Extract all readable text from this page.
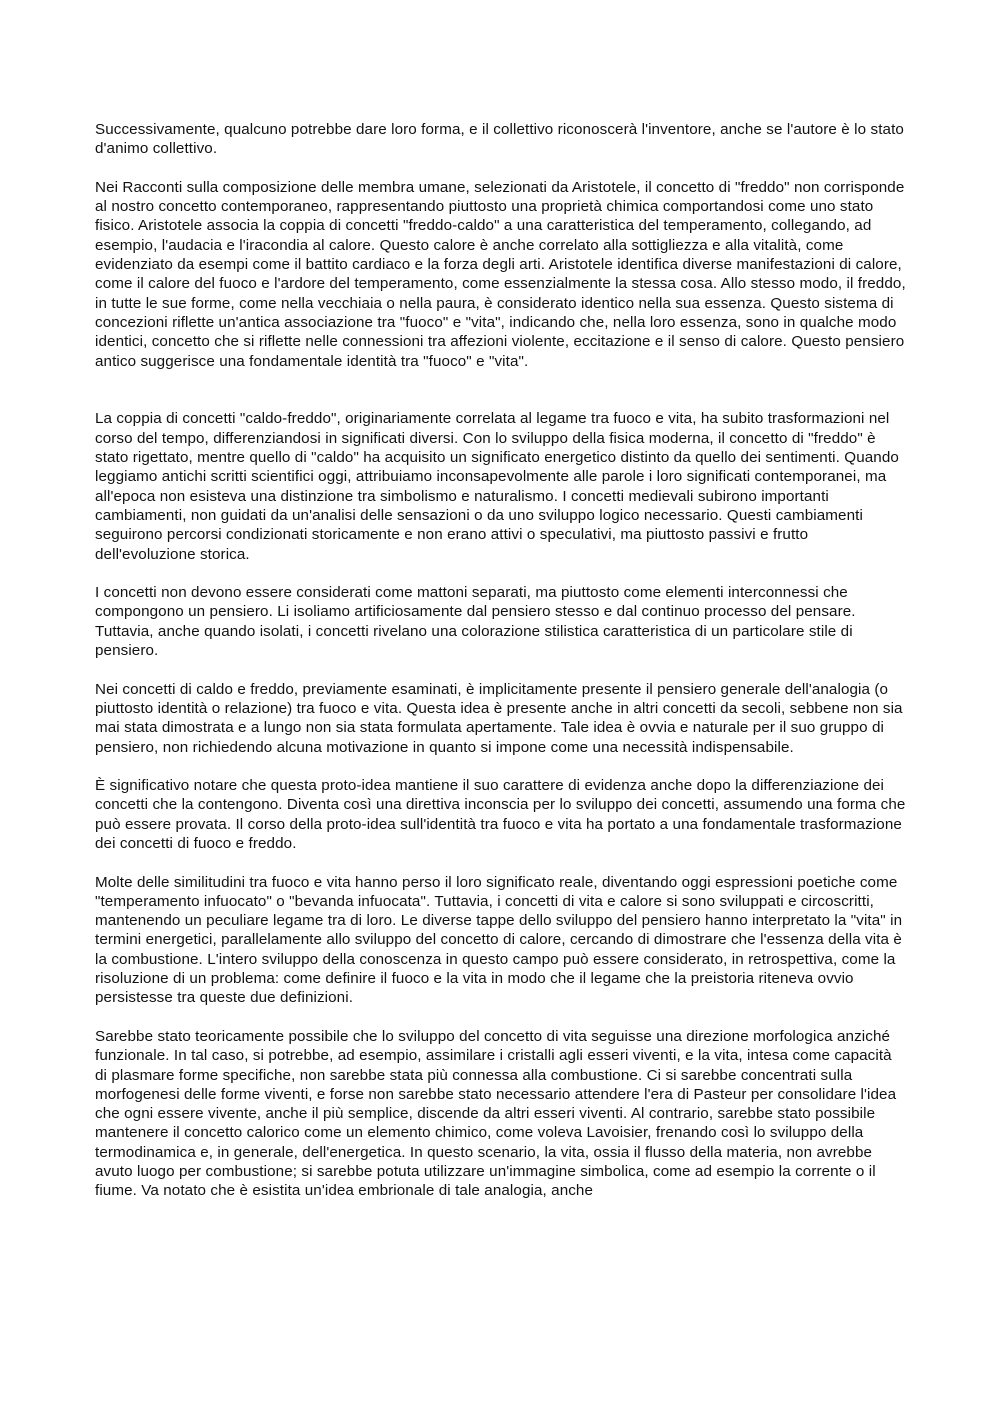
Successivamente, qualcuno potrebbe dare loro forma, e il collettivo riconoscerà l'inventore, anche se l'autore è lo stato d'animo collettivo.

Nei Racconti sulla composizione delle membra umane, selezionati da Aristotele, il concetto di "freddo" non corrisponde al nostro concetto contemporaneo, rappresentando piuttosto una proprietà chimica comportandosi come uno stato fisico. Aristotele associa la coppia di concetti "freddo-caldo" a una caratteristica del temperamento, collegando, ad esempio, l'audacia e l'iracondia al calore. Questo calore è anche correlato alla sottigliezza e alla vitalità, come evidenziato da esempi come il battito cardiaco e la forza degli arti. Aristotele identifica diverse manifestazioni di calore, come il calore del fuoco e l'ardore del temperamento, come essenzialmente la stessa cosa. Allo stesso modo, il freddo, in tutte le sue forme, come nella vecchiaia o nella paura, è considerato identico nella sua essenza. Questo sistema di concezioni riflette un'antica associazione tra "fuoco" e "vita", indicando che, nella loro essenza, sono in qualche modo identici, concetto che si riflette nelle connessioni tra affezioni violente, eccitazione e il senso di calore. Questo pensiero antico suggerisce una fondamentale identità tra "fuoco" e "vita".

La coppia di concetti "caldo-freddo", originariamente correlata al legame tra fuoco e vita, ha subito trasformazioni nel corso del tempo, differenziandosi in significati diversi. Con lo sviluppo della fisica moderna, il concetto di "freddo" è stato rigettato, mentre quello di "caldo" ha acquisito un significato energetico distinto da quello dei sentimenti. Quando leggiamo antichi scritti scientifici oggi, attribuiamo inconsapevolmente alle parole i loro significati contemporanei, ma all'epoca non esisteva una distinzione tra simbolismo e naturalismo. I concetti medievali subirono importanti cambiamenti, non guidati da un'analisi delle sensazioni o da uno sviluppo logico necessario. Questi cambiamenti seguirono percorsi condizionati storicamente e non erano attivi o speculativi, ma piuttosto passivi e frutto dell'evoluzione storica.

I concetti non devono essere considerati come mattoni separati, ma piuttosto come elementi interconnessi che compongono un pensiero. Li isoliamo artificiosamente dal pensiero stesso e dal continuo processo del pensare. Tuttavia, anche quando isolati, i concetti rivelano una colorazione stilistica caratteristica di un particolare stile di pensiero.

Nei concetti di caldo e freddo, previamente esaminati, è implicitamente presente il pensiero generale dell'analogia (o piuttosto identità o relazione) tra fuoco e vita. Questa idea è presente anche in altri concetti da secoli, sebbene non sia mai stata dimostrata e a lungo non sia stata formulata apertamente. Tale idea è ovvia e naturale per il suo gruppo di pensiero, non richiedendo alcuna motivazione in quanto si impone come una necessità indispensabile.

È significativo notare che questa proto-idea mantiene il suo carattere di evidenza anche dopo la differenziazione dei concetti che la contengono. Diventa così una direttiva inconscia per lo sviluppo dei concetti, assumendo una forma che può essere provata. Il corso della proto-idea sull'identità tra fuoco e vita ha portato a una fondamentale trasformazione dei concetti di fuoco e freddo.

Molte delle similitudini tra fuoco e vita hanno perso il loro significato reale, diventando oggi espressioni poetiche come "temperamento infuocato" o "bevanda infuocata". Tuttavia, i concetti di vita e calore si sono sviluppati e circoscritti, mantenendo un peculiare legame tra di loro. Le diverse tappe dello sviluppo del pensiero hanno interpretato la "vita" in termini energetici, parallelamente allo sviluppo del concetto di calore, cercando di dimostrare che l'essenza della vita è la combustione. L'intero sviluppo della conoscenza in questo campo può essere considerato, in retrospettiva, come la risoluzione di un problema: come definire il fuoco e la vita in modo che il legame che la preistoria riteneva ovvio persistesse tra queste due definizioni.

Sarebbe stato teoricamente possibile che lo sviluppo del concetto di vita seguisse una direzione morfologica anziché funzionale. In tal caso, si potrebbe, ad esempio, assimilare i cristalli agli esseri viventi, e la vita, intesa come capacità di plasmare forme specifiche, non sarebbe stata più connessa alla combustione. Ci si sarebbe concentrati sulla morfogenesi delle forme viventi, e forse non sarebbe stato necessario attendere l'era di Pasteur per consolidare l'idea che ogni essere vivente, anche il più semplice, discende da altri esseri viventi. Al contrario, sarebbe stato possibile mantenere il concetto calorico come un elemento chimico, come voleva Lavoisier, frenando così lo sviluppo della termodinamica e, in generale, dell'energetica. In questo scenario, la vita, ossia il flusso della materia, non avrebbe avuto luogo per combustione; si sarebbe potuta utilizzare un'immagine simbolica, come ad esempio la corrente o il fiume. Va notato che è esistita un'idea embrionale di tale analogia, anche
